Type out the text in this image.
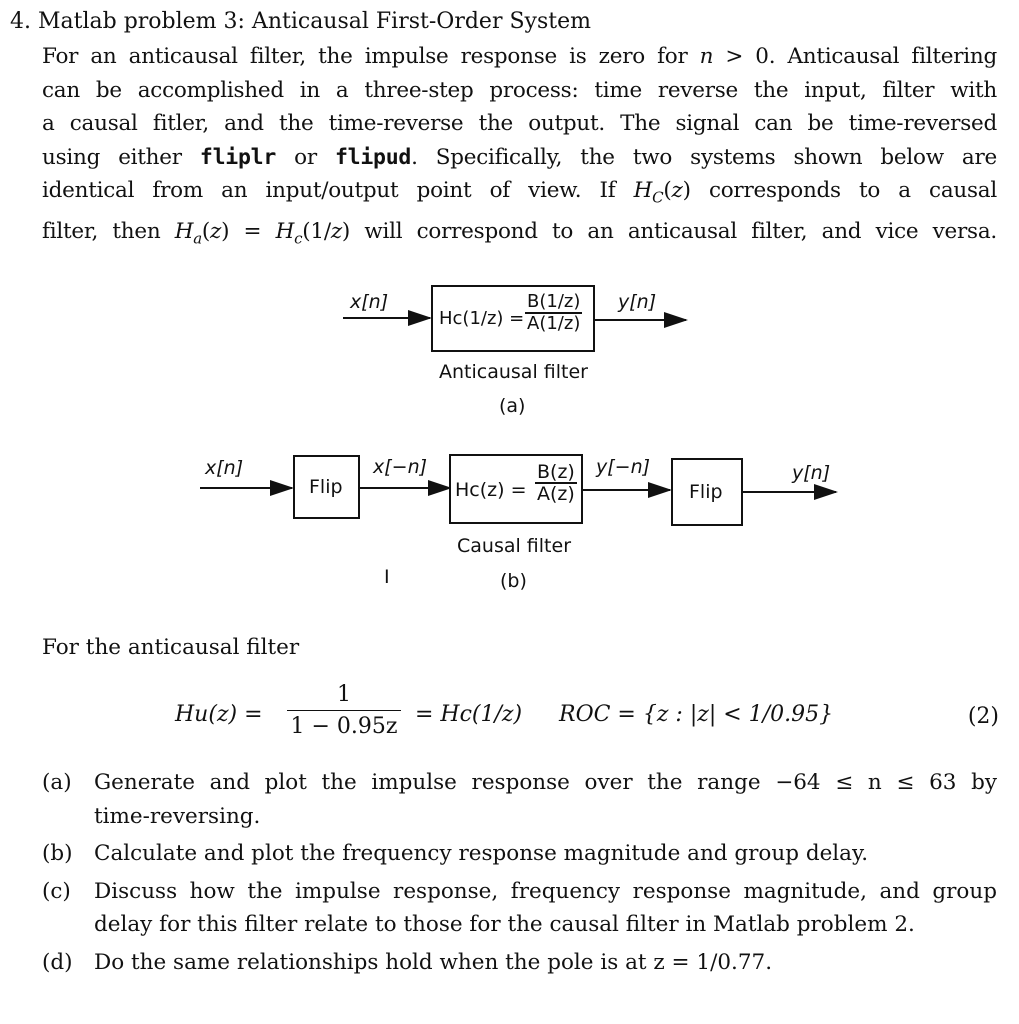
4. Matlab problem 3: Anticausal First-Order System
For an anticausal filter, the impulse response is zero for n > 0. Anticausal filtering
can be accomplished in a three-step process: time reverse the input, filter with
a causal fitler, and the time-reverse the output. The signal can be time-reversed
using either fliplr or flipud. Specifically, the two systems shown below are
identical from an input/output point of view. If $H_C(z)$ corresponds to a causal
filter, then $H_a(z) = H_c(1/z)$ will correspond to an anticausal filter, and vice versa.
x[n]
$Hc(1/z) = \frac{B(1/z)}{A(1/z)} y[n]$
Anticausal filter
(a)
x[n]
Flip
x[−n]
$Hc(z) = \frac{B(z)}{A(z)} y[-n]$
Flip
y[n]
Causal filter
I	(b)
For the anticausal filter
$Hu(z) = \frac{1}{1 - 0.95z} = Hc(1/z)$ ROC = {z : |z| < 1/0.95}	(2)
(a) Generate and plot the impulse response over the range −64 ≤ n ≤ 63 by
time-reversing.
(b) Calculate and plot the frequency response magnitude and group delay.
(c) Discuss how the impulse response, frequency response magnitude, and group
delay for this filter relate to those for the causal filter in Matlab problem 2.
(d) Do the same relationships hold when the pole is at z = 1/0.77.
